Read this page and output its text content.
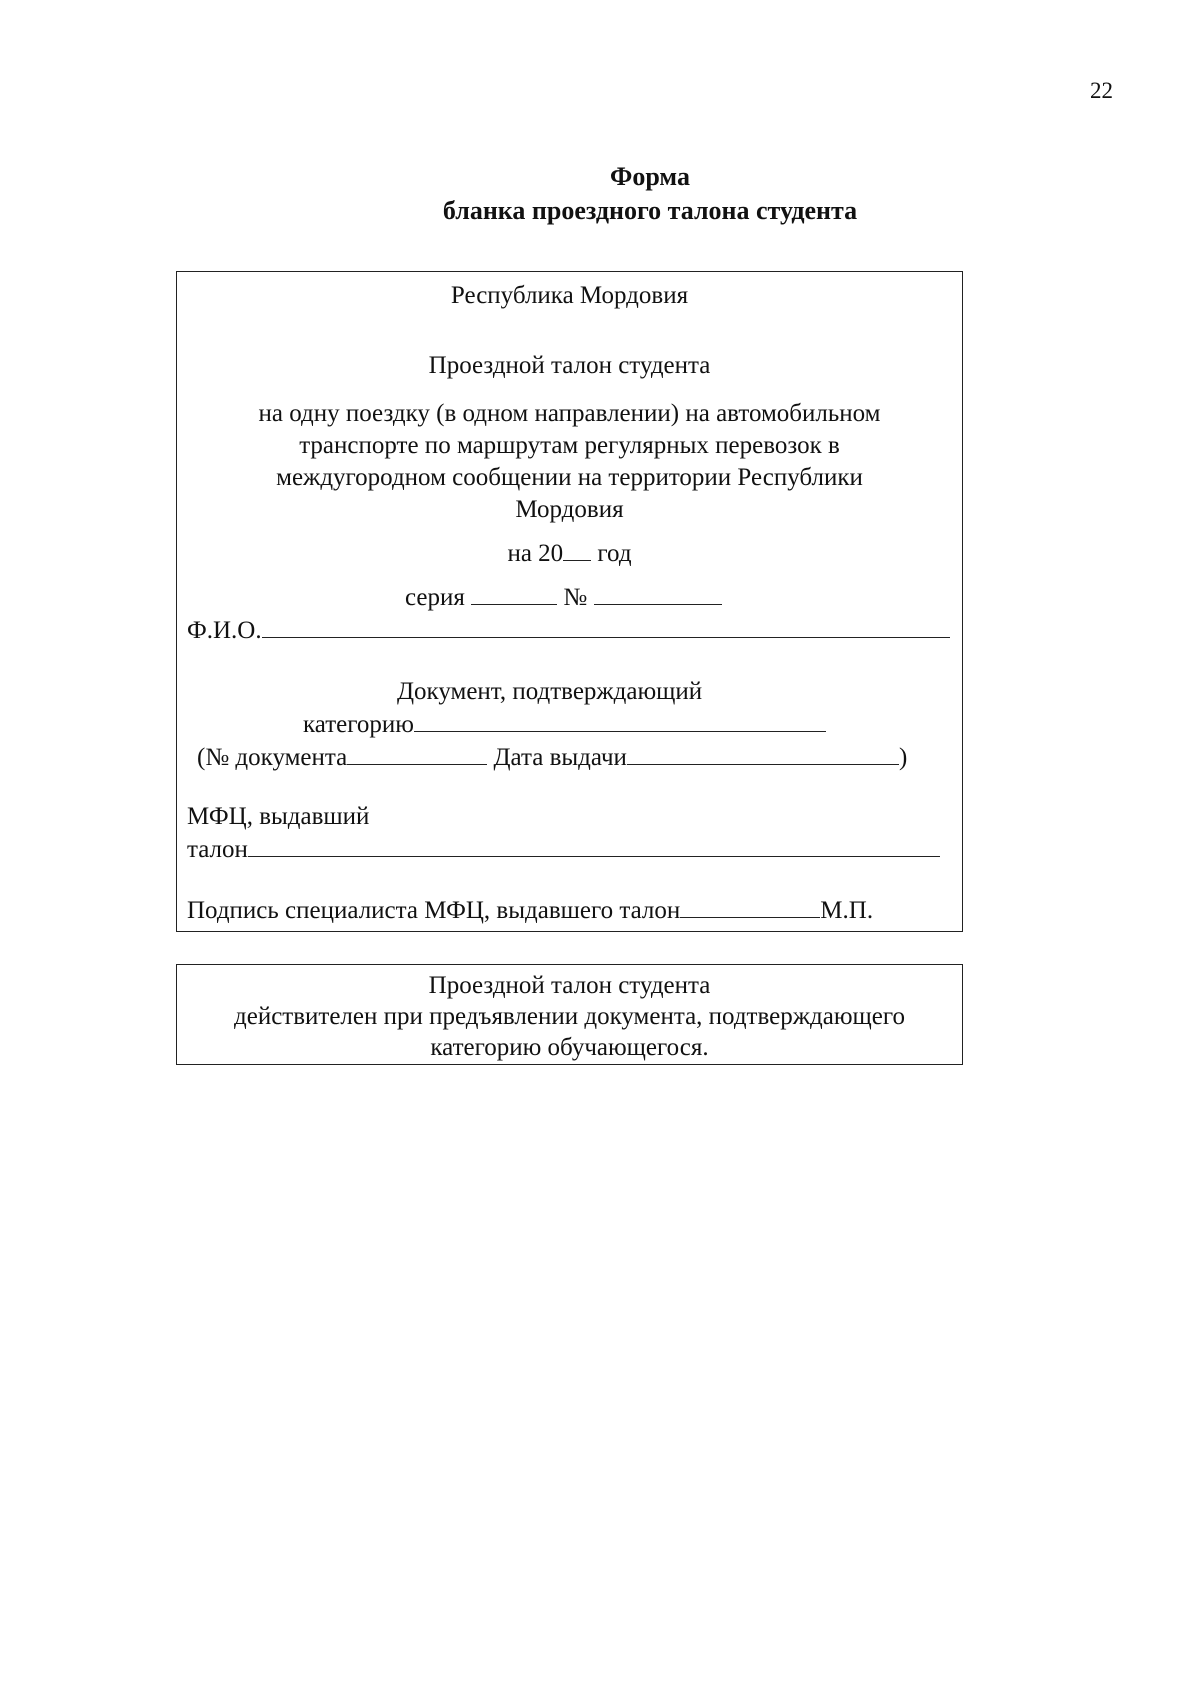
22
Форма
бланка проездного талона студента
Республика Мордовия
Проездной талон студента
на одну поездку (в одном направлении) на автомобильном
транспорте по маршрутам регулярных перевозок в
междугородном сообщении на территории Республики
Мордовия
на 20 год
серия	№
Ф.И.О.
Документ, подтверждающий
категорию
(№ документа	Дата выдачи	)
МФЦ, выдавший
талон
Подпись специалиста МФЦ, выдавшего талон	М.П.
Проездной талон студента
действителен при предъявлении документа, подтверждающего
категорию обучающегося.
